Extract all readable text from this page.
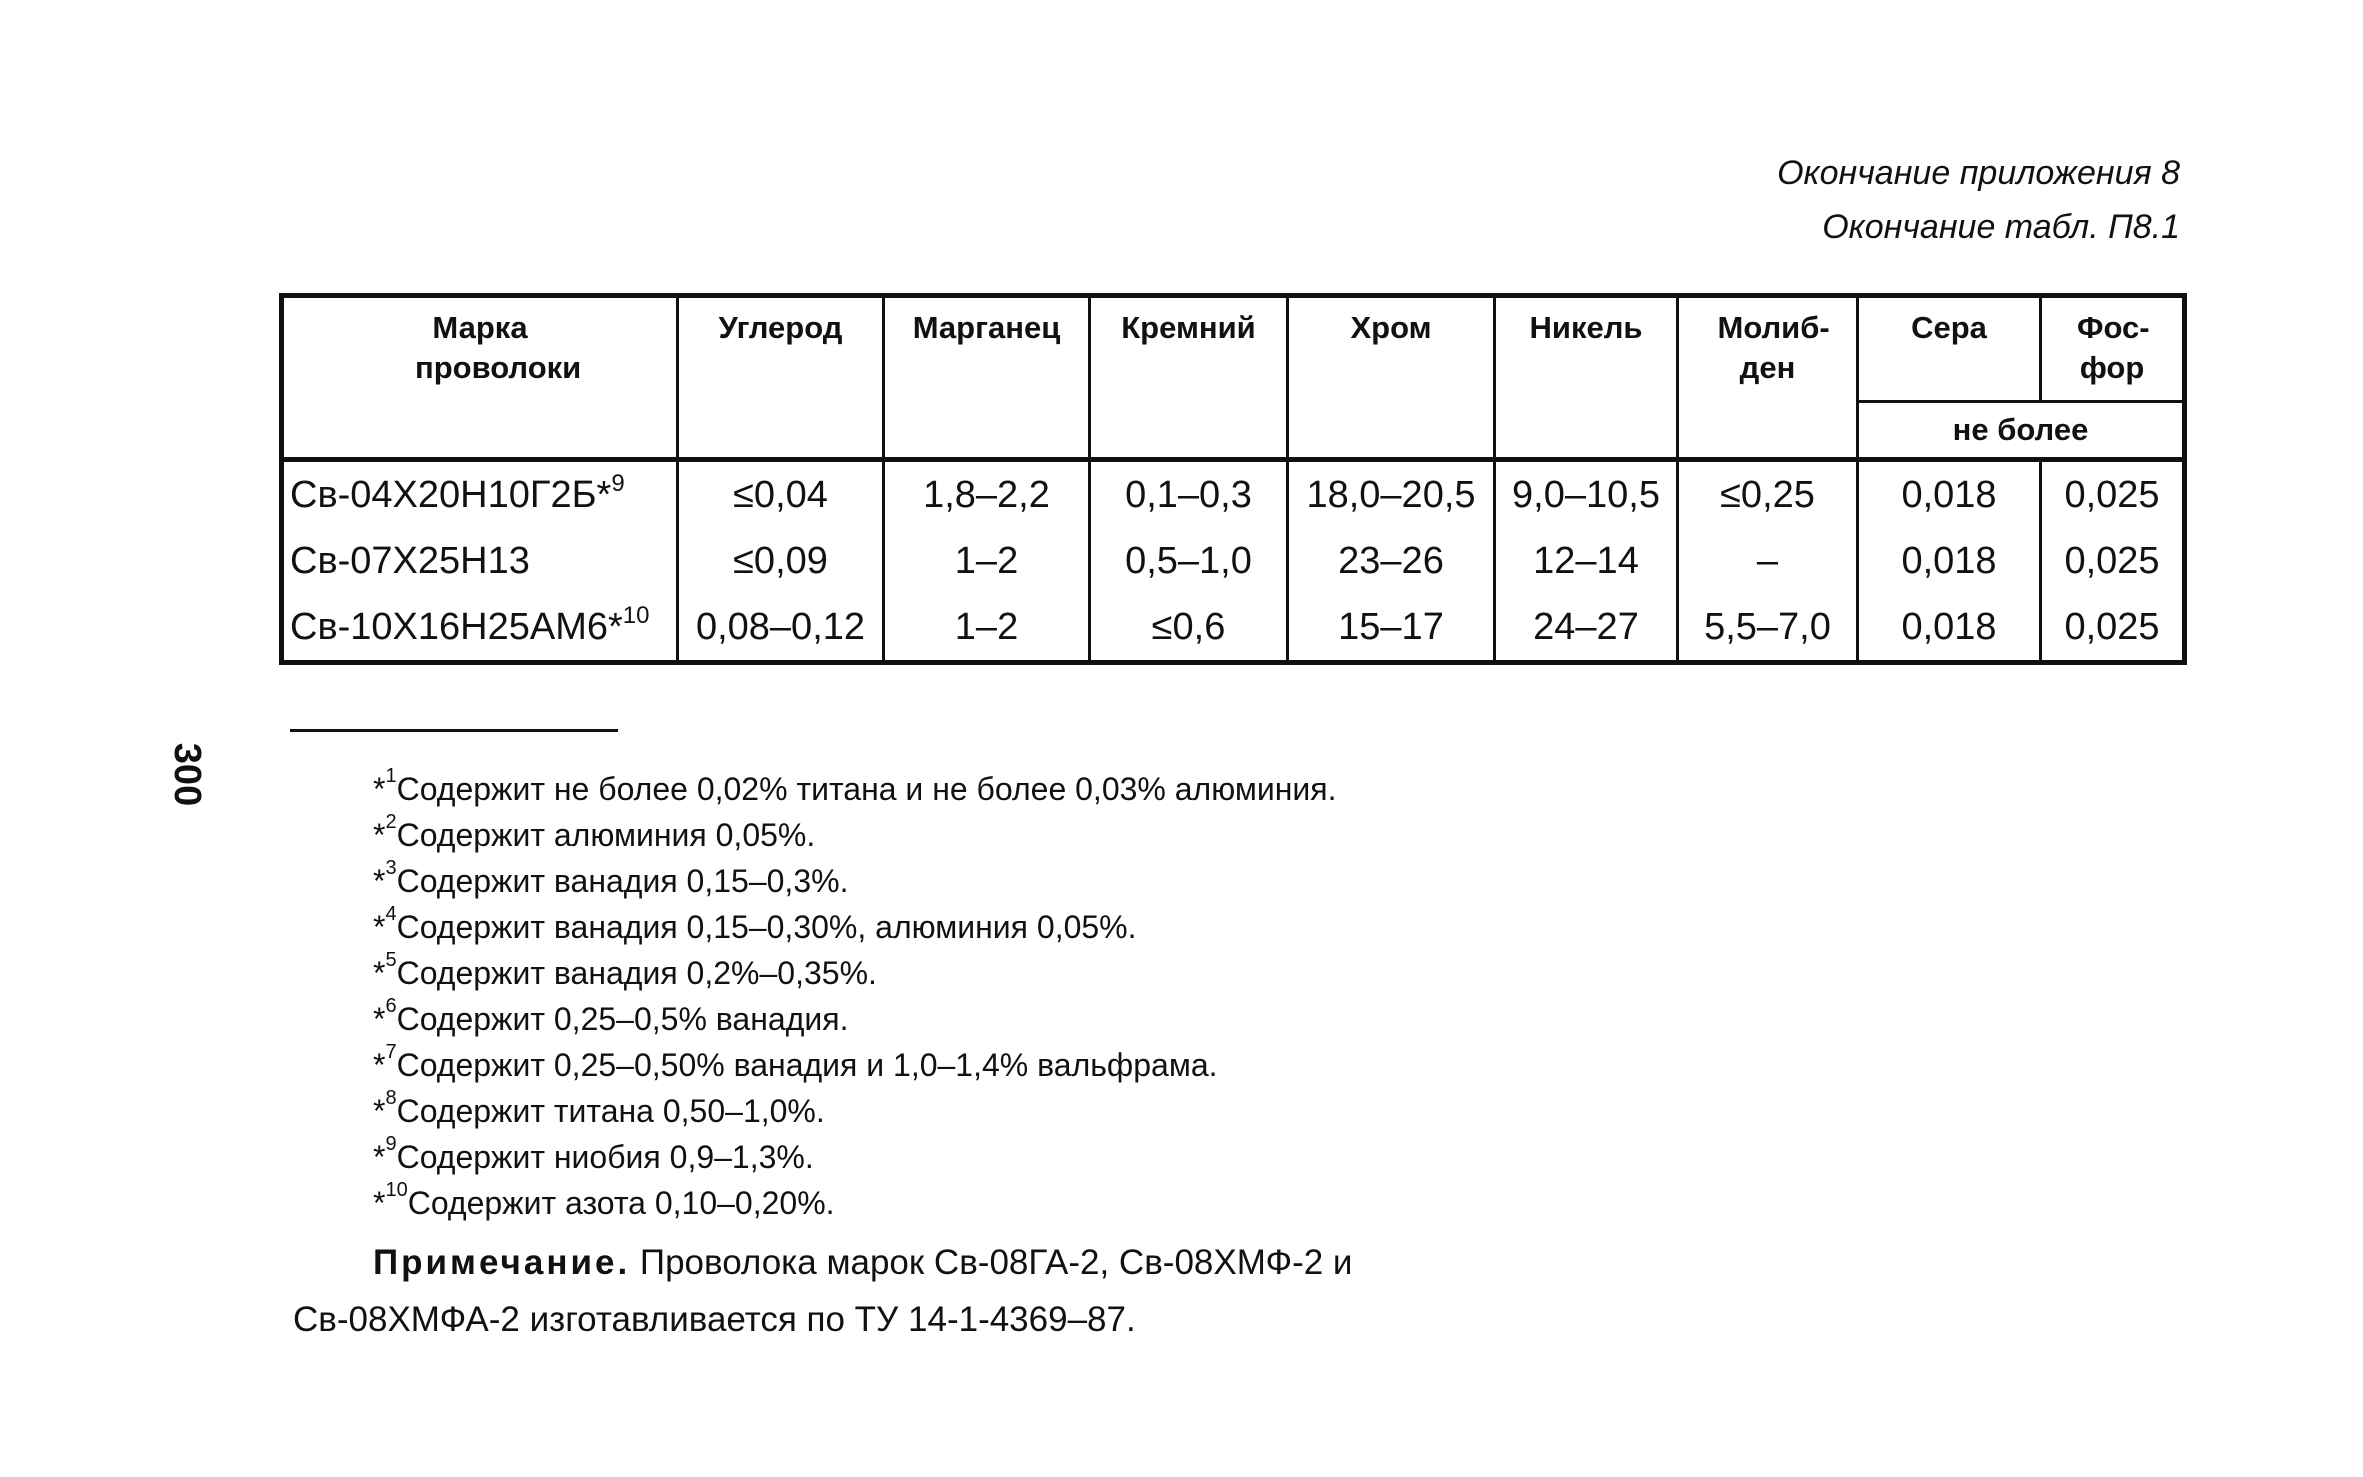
Окончание приложения 8
Окончание табл. П8.1
Марка проволоки	Углерод	Марганец	Кремний	Хром	Никель	Молиб-ден	Сера	Фос-фор
							не более	
Св-04Х20Н10Г2Б*$^9$	≤0,04	1,8–2,2	0,1–0,3	18,0–20,5	9,0–10,5	≤0,25	0,018	0,025
Св-07Х25Н13	≤0,09	1–2	0,5–1,0	23–26	12–14	–	0,018	0,025
Св-10Х16Н25АМ6*$^{10}$	0,08–0,12	1–2	≤0,6	15–17	24–27	5,5–7,0	0,018	0,025
300	*$^1$Содержит не более 0,02% титана и не более 0,03% алюминия.
*$^2$Содержит алюминия 0,05%.
*$^3$Содержит ванадия 0,15–0,3%.
*$^4$Содержит ванадия 0,15–0,30%, алюминия 0,05%.
*$^5$Содержит ванадия 0,2%–0,35%.
*$^6$Содержит 0,25–0,5% ванадия.
*$^7$Содержит 0,25–0,50% ванадия и 1,0–1,4% вальфрама.
*$^8$Содержит титана 0,50–1,0%.
*$^9$Содержит ниобия 0,9–1,3%.
*$^{10}$Содержит азота 0,10–0,20%.
Примечание. Проволока марок Св-08ГА-2, Св-08ХМФ-2 и
Св-08ХМФА-2 изготавливается по ТУ 14-1-4369–87.
